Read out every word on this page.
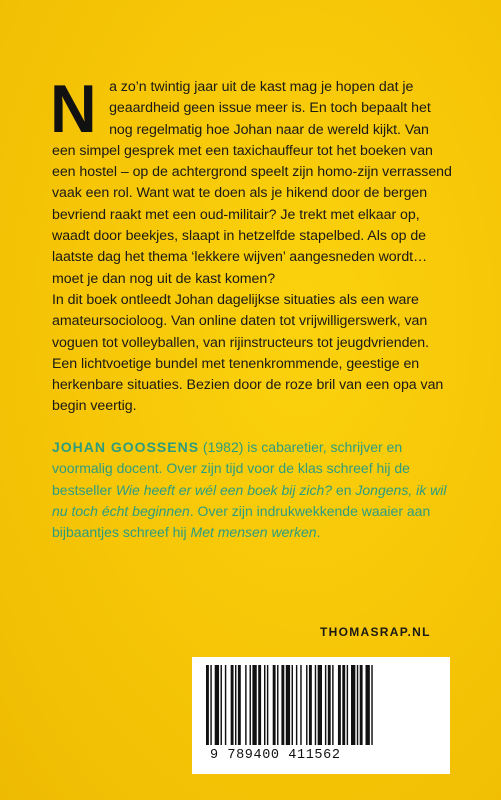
N a zo’n twintig jaar uit de kast mag je hopen dat je geaardheid geen issue meer is. En toch bepaalt het nog regelmatig hoe Johan naar de wereld kijkt. Van een simpel gesprek met een taxichauffeur tot het boeken van een hostel – op de achtergrond speelt zijn homo-zijn verrassend vaak een rol. Want wat te doen als je hikend door de bergen bevriend raakt met een oud-militair? Je trekt met elkaar op, waadt door beekjes, slaapt in hetzelfde stapelbed. Als op de laatste dag het thema ‘lekkere wijven’ aangesneden wordt… moet je dan nog uit de kast komen?

In dit boek ontleedt Johan dagelijkse situaties als een ware amateursocioloog. Van online daten tot vrijwilligerswerk, van voguen tot volleyballen, van rijinstructeurs tot jeugdvrienden. Een lichtvoetige bundel met tenenkrommende, geestige en herkenbare situaties. Bezien door de roze bril van een opa van begin veertig.

JOHAN GOOSSENS (1982) is cabaretier, schrijver en voormalig docent. Over zijn tijd voor de klas schreef hij de bestseller Wie heeft er wél een boek bij zich? en Jongens, ik wil nu toch écht beginnen. Over zijn indrukwekkende waaier aan bijbaantjes schreef hij Met mensen werken.
THOMASRAP.NL
9 789400 411562
